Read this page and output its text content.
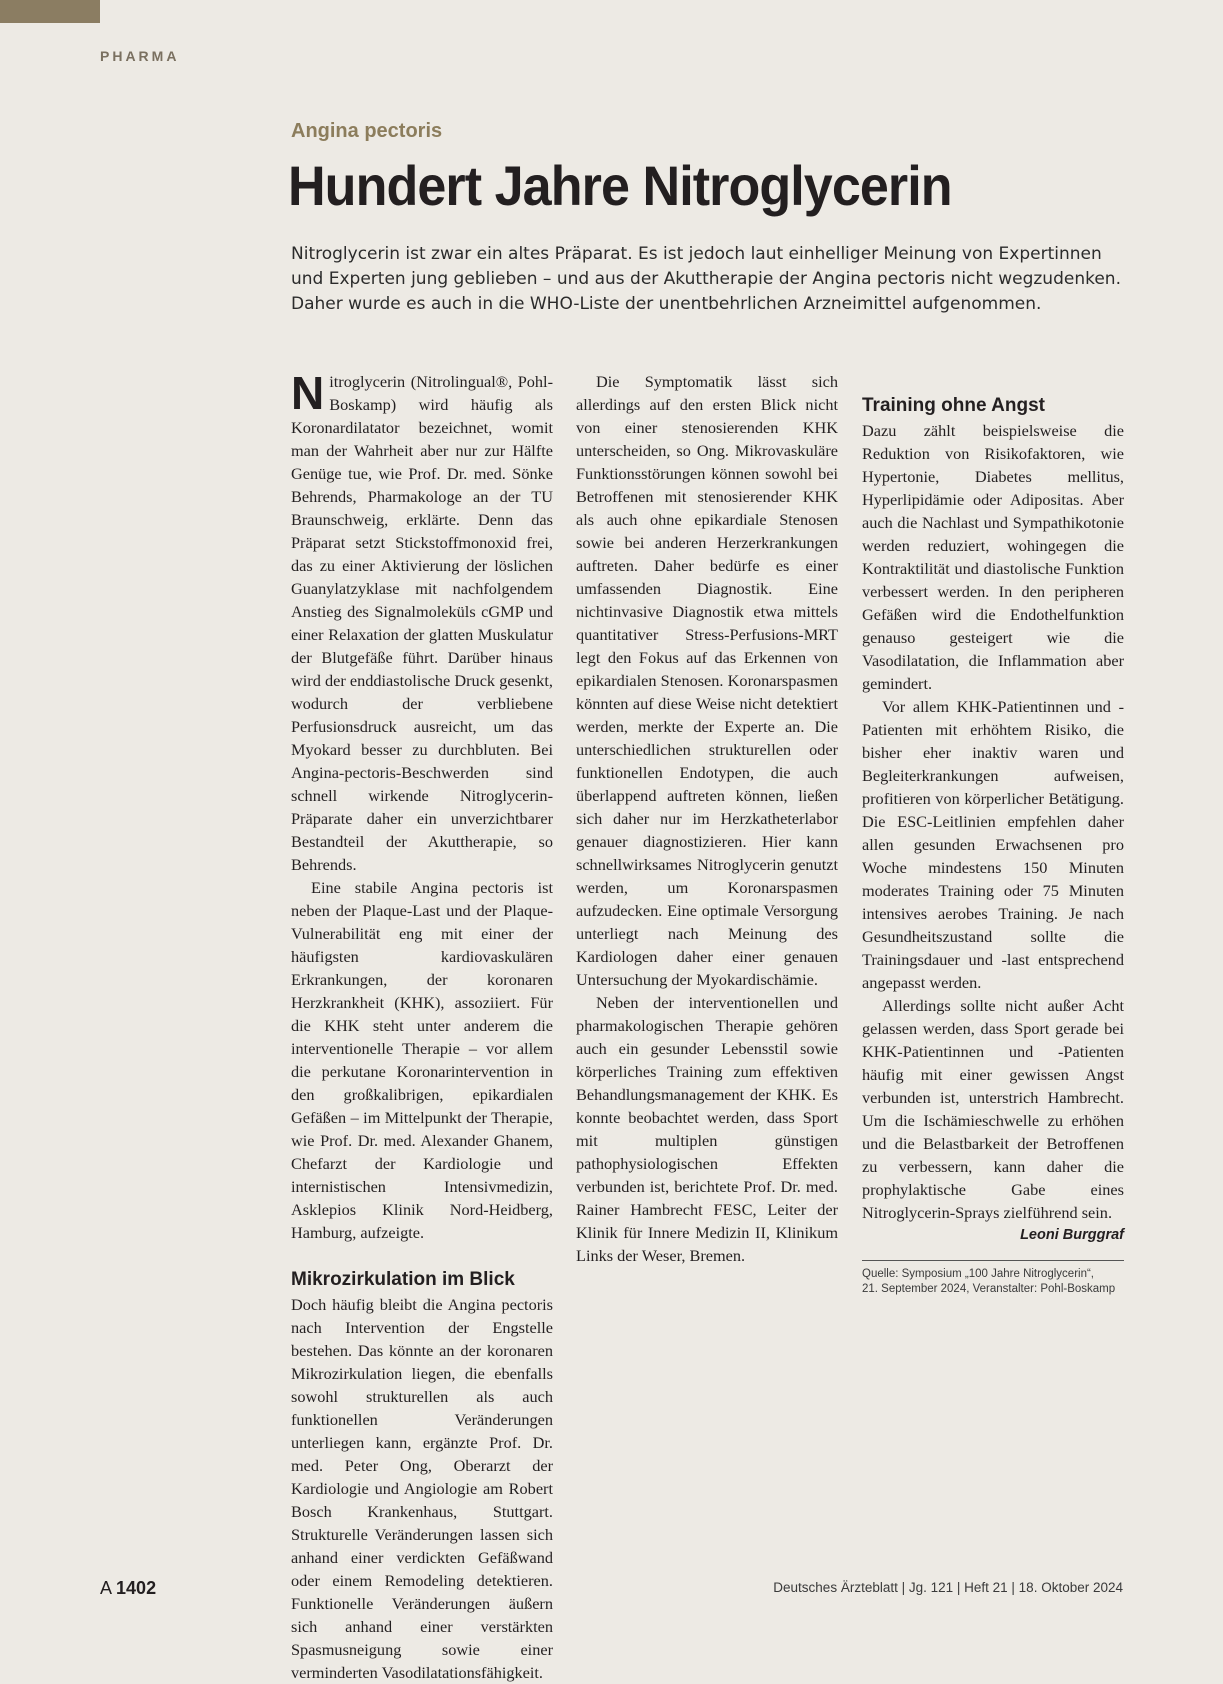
PHARMA
Angina pectoris
Hundert Jahre Nitroglycerin

Nitroglycerin ist zwar ein altes Präparat. Es ist jedoch laut einhelliger Meinung von Expertinnen und Experten jung geblieben – und aus der Akuttherapie der Angina pectoris nicht wegzudenken. Daher wurde es auch in die WHO-Liste der unentbehrlichen Arzneimittel aufgenommen.

Nitroglycerin (Nitrolingual®, Pohl-Boskamp) wird häufig als Koronardilatator bezeichnet, womit man der Wahrheit aber nur zur Hälfte Genüge tue, wie Prof. Dr. med. Sönke Behrends, Pharmakologe an der TU Braunschweig, erklärte. Denn das Präparat setzt Stickstoffmonoxid frei, das zu einer Aktivierung der löslichen Guanylatzyklase mit nachfolgendem Anstieg des Signalmoleküls cGMP und einer Relaxation der glatten Muskulatur der Blutgefäße führt. Darüber hinaus wird der enddiastolische Druck gesenkt, wodurch der verbliebene Perfusionsdruck ausreicht, um das Myokard besser zu durchbluten. Bei Angina-pectoris-Beschwerden sind schnell wirkende Nitroglycerin-Präparate daher ein unverzichtbarer Bestandteil der Akuttherapie, so Behrends.

Eine stabile Angina pectoris ist neben der Plaque-Last und der Plaque-Vulnerabilität eng mit einer der häufigsten kardiovaskulären Erkrankungen, der koronaren Herzkrankheit (KHK), assoziiert. Für die KHK steht unter anderem die interventionelle Therapie – vor allem die perkutane Koronarintervention in den großkalibrigen, epikardialen Gefäßen – im Mittelpunkt der Therapie, wie Prof. Dr. med. Alexander Ghanem, Chefarzt der Kardiologie und internistischen Intensivmedizin, Asklepios Klinik Nord-Heidberg, Hamburg, aufzeigte.

Mikrozirkulation im Blick

Doch häufig bleibt die Angina pectoris nach Intervention der Engstelle bestehen. Das könnte an der koronaren Mikrozirkulation liegen, die ebenfalls sowohl strukturellen als auch funktionellen Veränderungen unterliegen kann, ergänzte Prof. Dr. med. Peter Ong, Oberarzt der Kardiologie und Angiologie am Robert Bosch Krankenhaus, Stuttgart. Strukturelle Veränderungen lassen sich anhand einer verdickten Gefäßwand oder einem Remodeling detektieren. Funktionelle Veränderungen äußern sich anhand einer verstärkten Spasmusneigung sowie einer verminderten Vasodilatationsfähigkeit.

Die Symptomatik lässt sich allerdings auf den ersten Blick nicht von einer stenosierenden KHK unterscheiden, so Ong. Mikrovaskuläre Funktionsstörungen können sowohl bei Betroffenen mit stenosierender KHK als auch ohne epikardiale Stenosen sowie bei anderen Herzerkrankungen auftreten. Daher bedürfe es einer umfassenden Diagnostik. Eine nichtinvasive Diagnostik etwa mittels quantitativer Stress-Perfusions-MRT legt den Fokus auf das Erkennen von epikardialen Stenosen. Koronarspasmen könnten auf diese Weise nicht detektiert werden, merkte der Experte an. Die unterschiedlichen strukturellen oder funktionellen Endotypen, die auch überlappend auftreten können, ließen sich daher nur im Herzkatheterlabor genauer diagnostizieren. Hier kann schnellwirksames Nitroglycerin genutzt werden, um Koronarspasmen aufzudecken. Eine optimale Versorgung unterliegt nach Meinung des Kardiologen daher einer genauen Untersuchung der Myokardischämie.

Neben der interventionellen und pharmakologischen Therapie gehören auch ein gesunder Lebensstil sowie körperliches Training zum effektiven Behandlungsmanagement der KHK. Es konnte beobachtet werden, dass Sport mit multiplen günstigen pathophysiologischen Effekten verbunden ist, berichtete Prof. Dr. med. Rainer Hambrecht FESC, Leiter der Klinik für Innere Medizin II, Klinikum Links der Weser, Bremen.

Training ohne Angst

Dazu zählt beispielsweise die Reduktion von Risikofaktoren, wie Hypertonie, Diabetes mellitus, Hyperlipidämie oder Adipositas. Aber auch die Nachlast und Sympathikotonie werden reduziert, wohingegen die Kontraktilität und diastolische Funktion verbessert werden. In den peripheren Gefäßen wird die Endothelfunktion genauso gesteigert wie die Vasodilatation, die Inflammation aber gemindert.

Vor allem KHK-Patientinnen und -Patienten mit erhöhtem Risiko, die bisher eher inaktiv waren und Begleiterkrankungen aufweisen, profitieren von körperlicher Betätigung. Die ESC-Leitlinien empfehlen daher allen gesunden Erwachsenen pro Woche mindestens 150 Minuten moderates Training oder 75 Minuten intensives aerobes Training. Je nach Gesundheitszustand sollte die Trainingsdauer und -last entsprechend angepasst werden.

Allerdings sollte nicht außer Acht gelassen werden, dass Sport gerade bei KHK-Patientinnen und -Patienten häufig mit einer gewissen Angst verbunden ist, unterstrich Hambrecht. Um die Ischämieschwelle zu erhöhen und die Belastbarkeit der Betroffenen zu verbessern, kann daher die prophylaktische Gabe eines Nitroglycerin-Sprays zielführend sein.
Leoni Burggraf

Quelle: Symposium „100 Jahre Nitroglycerin“,
21. September 2024, Veranstalter: Pohl-Boskamp
A 1402	Deutsches Ärzteblatt | Jg. 121 | Heft 21 | 18. Oktober 2024
